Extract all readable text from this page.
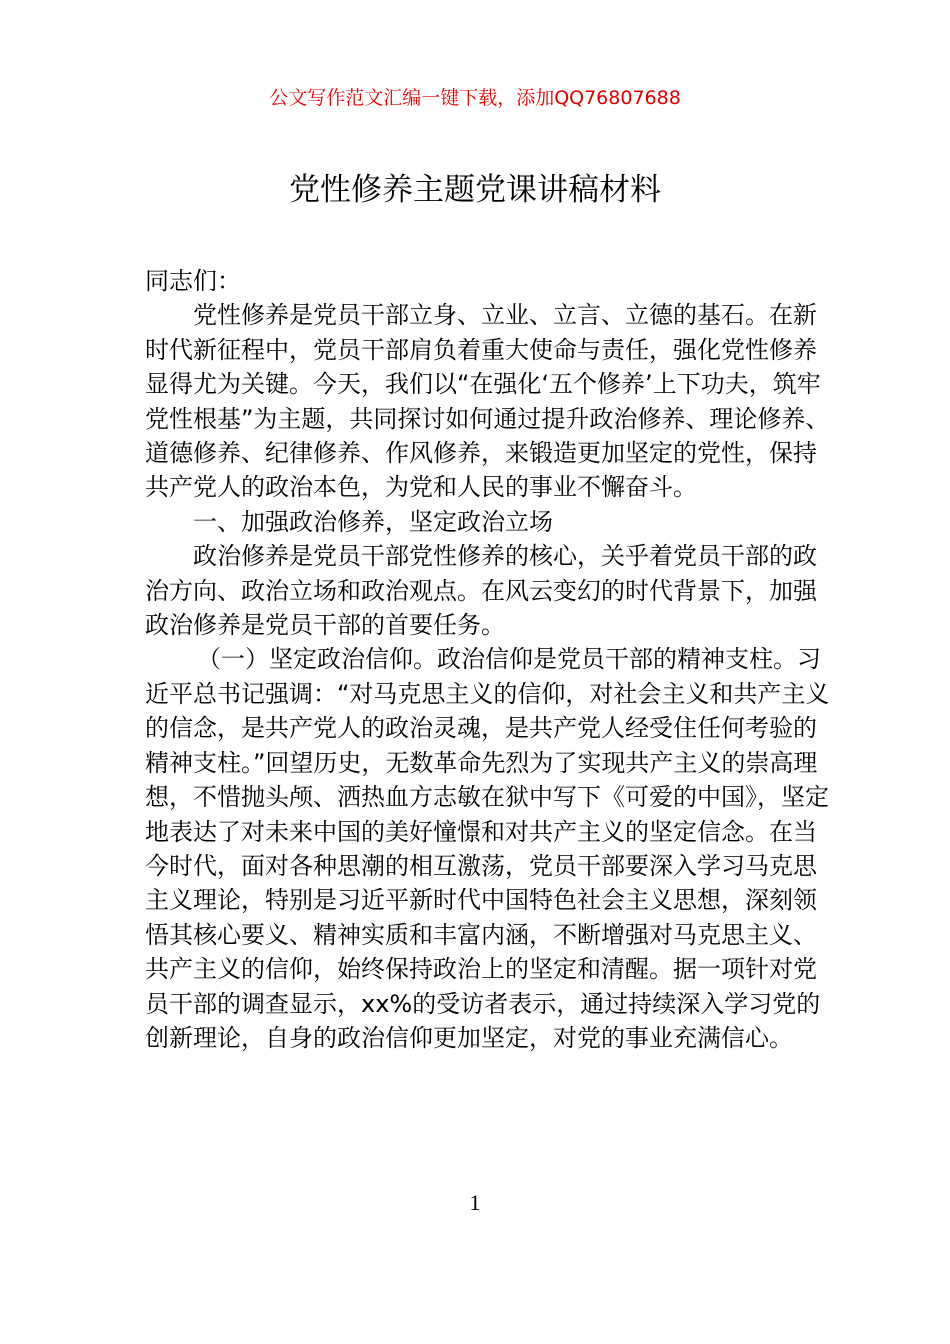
公文写作范文汇编一键下载，添加QQ76807688
党性修养主题党课讲稿材料

同志们：

党性修养是党员干部立身、立业、立言、立德的基石。在新时代新征程中，党员干部肩负着重大使命与责任，强化党性修养显得尤为关键。今天，我们以“在强化‘五个修养’上下功夫，筑牢党性根基”为主题，共同探讨如何通过提升政治修养、理论修养、道德修养、纪律修养、作风修养，来锻造更加坚定的党性，保持共产党人的政治本色，为党和人民的事业不懈奋斗。

一、加强政治修养，坚定政治立场

政治修养是党员干部党性修养的核心，关乎着党员干部的政治方向、政治立场和政治观点。在风云变幻的时代背景下，加强政治修养是党员干部的首要任务。

（一）坚定政治信仰。政治信仰是党员干部的精神支柱。习近平总书记强调：“对马克思主义的信仰，对社会主义和共产主义的信念，是共产党人的政治灵魂，是共产党人经受住任何考验的精神支柱。”回望历史，无数革命先烈为了实现共产主义的崇高理想，不惜抛头颅、洒热血方志敏在狱中写下《可爱的中国》，坚定地表达了对未来中国的美好憧憬和对共产主义的坚定信念。在当今时代，面对各种思潮的相互激荡，党员干部要深入学习马克思主义理论，特别是习近平新时代中国特色社会主义思想，深刻领悟其核心要义、精神实质和丰富内涵，不断增强对马克思主义、共产主义的信仰，始终保持政治上的坚定和清醒。据一项针对党员干部的调查显示，xx%的受访者表示，通过持续深入学习党的创新理论，自身的政治信仰更加坚定，对党的事业充满信心。

1
